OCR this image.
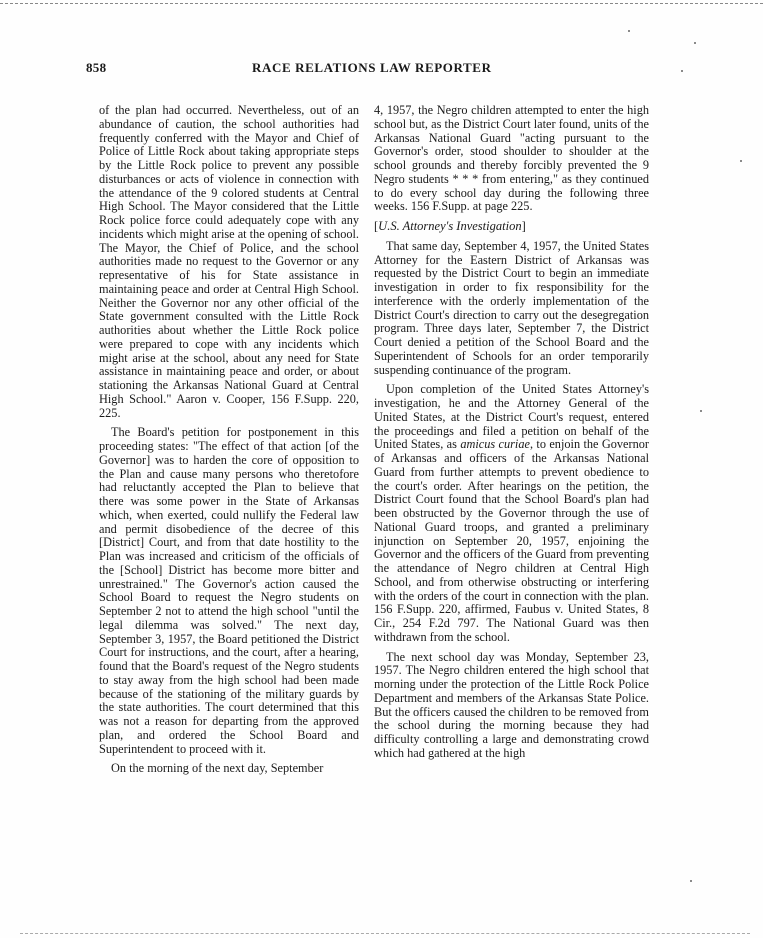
858	RACE RELATIONS LAW REPORTER

of the plan had occurred. Nevertheless, out of an abundance of caution, the school authorities had frequently conferred with the Mayor and Chief of Police of Little Rock about taking appropriate steps by the Little Rock police to prevent any possible disturbances or acts of violence in connection with the attendance of the 9 colored students at Central High School. The Mayor considered that the Little Rock police force could adequately cope with any incidents which might arise at the opening of school. The Mayor, the Chief of Police, and the school authorities made no request to the Governor or any representative of his for State assistance in maintaining peace and order at Central High School. Neither the Governor nor any other official of the State government consulted with the Little Rock authorities about whether the Little Rock police were prepared to cope with any incidents which might arise at the school, about any need for State assistance in maintaining peace and order, or about stationing the Arkansas National Guard at Central High School." Aaron v. Cooper, 156 F.Supp. 220, 225.

The Board's petition for postponement in this proceeding states: "The effect of that action [of the Governor] was to harden the core of opposition to the Plan and cause many persons who theretofore had reluctantly accepted the Plan to believe that there was some power in the State of Arkansas which, when exerted, could nullify the Federal law and permit disobedience of the decree of this [District] Court, and from that date hostility to the Plan was increased and criticism of the officials of the [School] District has become more bitter and unrestrained." The Governor's action caused the School Board to request the Negro students on September 2 not to attend the high school "until the legal dilemma was solved." The next day, September 3, 1957, the Board petitioned the District Court for instructions, and the court, after a hearing, found that the Board's request of the Negro students to stay away from the high school had been made because of the stationing of the military guards by the state authorities. The court determined that this was not a reason for departing from the approved plan, and ordered the School Board and Superintendent to proceed with it.

On the morning of the next day, September

4, 1957, the Negro children attempted to enter the high school but, as the District Court later found, units of the Arkansas National Guard "acting pursuant to the Governor's order, stood shoulder to shoulder at the school grounds and thereby forcibly prevented the 9 Negro students * * * from entering," as they continued to do every school day during the following three weeks. 156 F.Supp. at page 225.

[U.S. Attorney's Investigation]

That same day, September 4, 1957, the United States Attorney for the Eastern District of Arkansas was requested by the District Court to begin an immediate investigation in order to fix responsibility for the interference with the orderly implementation of the District Court's direction to carry out the desegregation program. Three days later, September 7, the District Court denied a petition of the School Board and the Superintendent of Schools for an order temporarily suspending continuance of the program.

Upon completion of the United States Attorney's investigation, he and the Attorney General of the United States, at the District Court's request, entered the proceedings and filed a petition on behalf of the United States, as amicus curiae, to enjoin the Governor of Arkansas and officers of the Arkansas National Guard from further attempts to prevent obedience to the court's order. After hearings on the petition, the District Court found that the School Board's plan had been obstructed by the Governor through the use of National Guard troops, and granted a preliminary injunction on September 20, 1957, enjoining the Governor and the officers of the Guard from preventing the attendance of Negro children at Central High School, and from otherwise obstructing or interfering with the orders of the court in connection with the plan. 156 F.Supp. 220, affirmed, Faubus v. United States, 8 Cir., 254 F.2d 797. The National Guard was then withdrawn from the school.

The next school day was Monday, September 23, 1957. The Negro children entered the high school that morning under the protection of the Little Rock Police Department and members of the Arkansas State Police. But the officers caused the children to be removed from the school during the morning because they had difficulty controlling a large and demonstrating crowd which had gathered at the high
